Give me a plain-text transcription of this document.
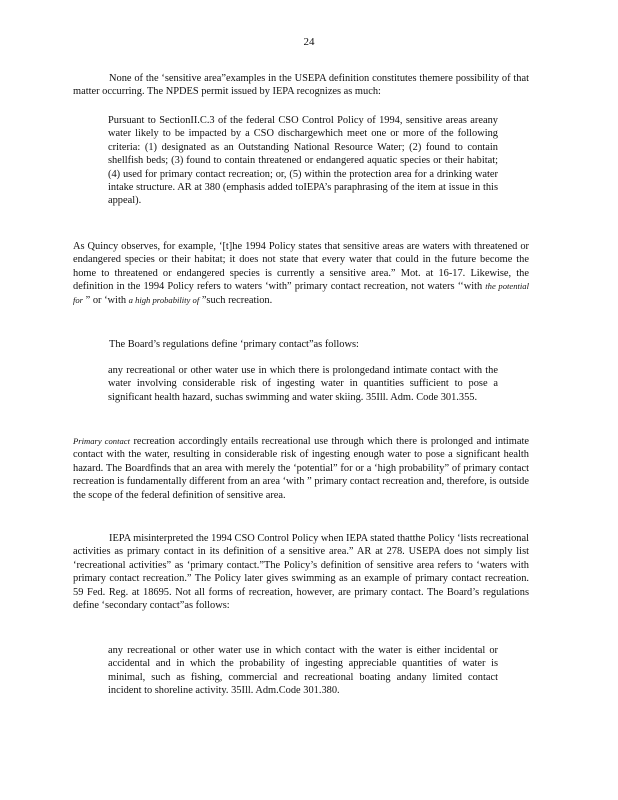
24

None of the ‘sensitive area”examples in the USEPA definition constitutes themere possibility of that matter occurring. The NPDES permit issued by IEPA recognizes as much:

Pursuant to SectionII.C.3 of the federal CSO Control Policy of 1994, sensitive areas areany water likely to be impacted by a CSO dischargewhich meet one or more of the following criteria: (1) designated as an Outstanding National Resource Water; (2) found to contain shellfish beds; (3) found to contain threatened or endangered aquatic species or their habitat; (4) used for primary contact recreation; or, (5) within the protection area for a drinking water intake structure. AR at 380 (emphasis added toIEPA’s paraphrasing of the item at issue in this appeal).

As Quincy observes, for example, ‘[t]he 1994 Policy states that sensitive areas are waters with threatened or endangered species or their habitat; it does not state that every water that could in the future become the home to threatened or endangered species is currently a sensitive area.” Mot. at 16-17. Likewise, the definition in the 1994 Policy refers to waters ‘with” primary contact recreation, not waters ‘‘with the potential for ” or ‘with a high probability of ”such recreation.

The Board’s regulations define ‘primary contact”as follows:

any recreational or other water use in which there is prolongedand intimate contact with the water involving considerable risk of ingesting water in quantities sufficient to pose a significant health hazard, suchas swimming and water skiing. 35Ill. Adm. Code 301.355.

Primary contact recreation accordingly entails recreational use through which there is prolonged and intimate contact with the water, resulting in considerable risk of ingesting enough water to pose a significant health hazard. The Boardfinds that an area with merely the ‘potential” for or a ‘high probability” of primary contact recreation is fundamentally different from an area ‘with ” primary contact recreation and, therefore, is outside the scope of the federal definition of sensitive area.

IEPA misinterpreted the 1994 CSO Control Policy when IEPA stated thatthe Policy ‘lists recreational activities as primary contact in its definition of a sensitive area.” AR at 278. USEPA does not simply list ‘recreational activities” as ‘primary contact.”The Policy’s definition of sensitive area refers to ‘waters with primary contact recreation.” The Policy later gives swimming as an example of primary contact recreation. 59 Fed. Reg. at 18695. Not all forms of recreation, however, are primary contact. The Board’s regulations define ‘secondary contact”as follows:

any recreational or other water use in which contact with the water is either incidental or accidental and in which the probability of ingesting appreciable quantities of water is minimal, such as fishing, commercial and recreational boating andany limited contact incident to shoreline activity. 35Ill. Adm.Code 301.380.
